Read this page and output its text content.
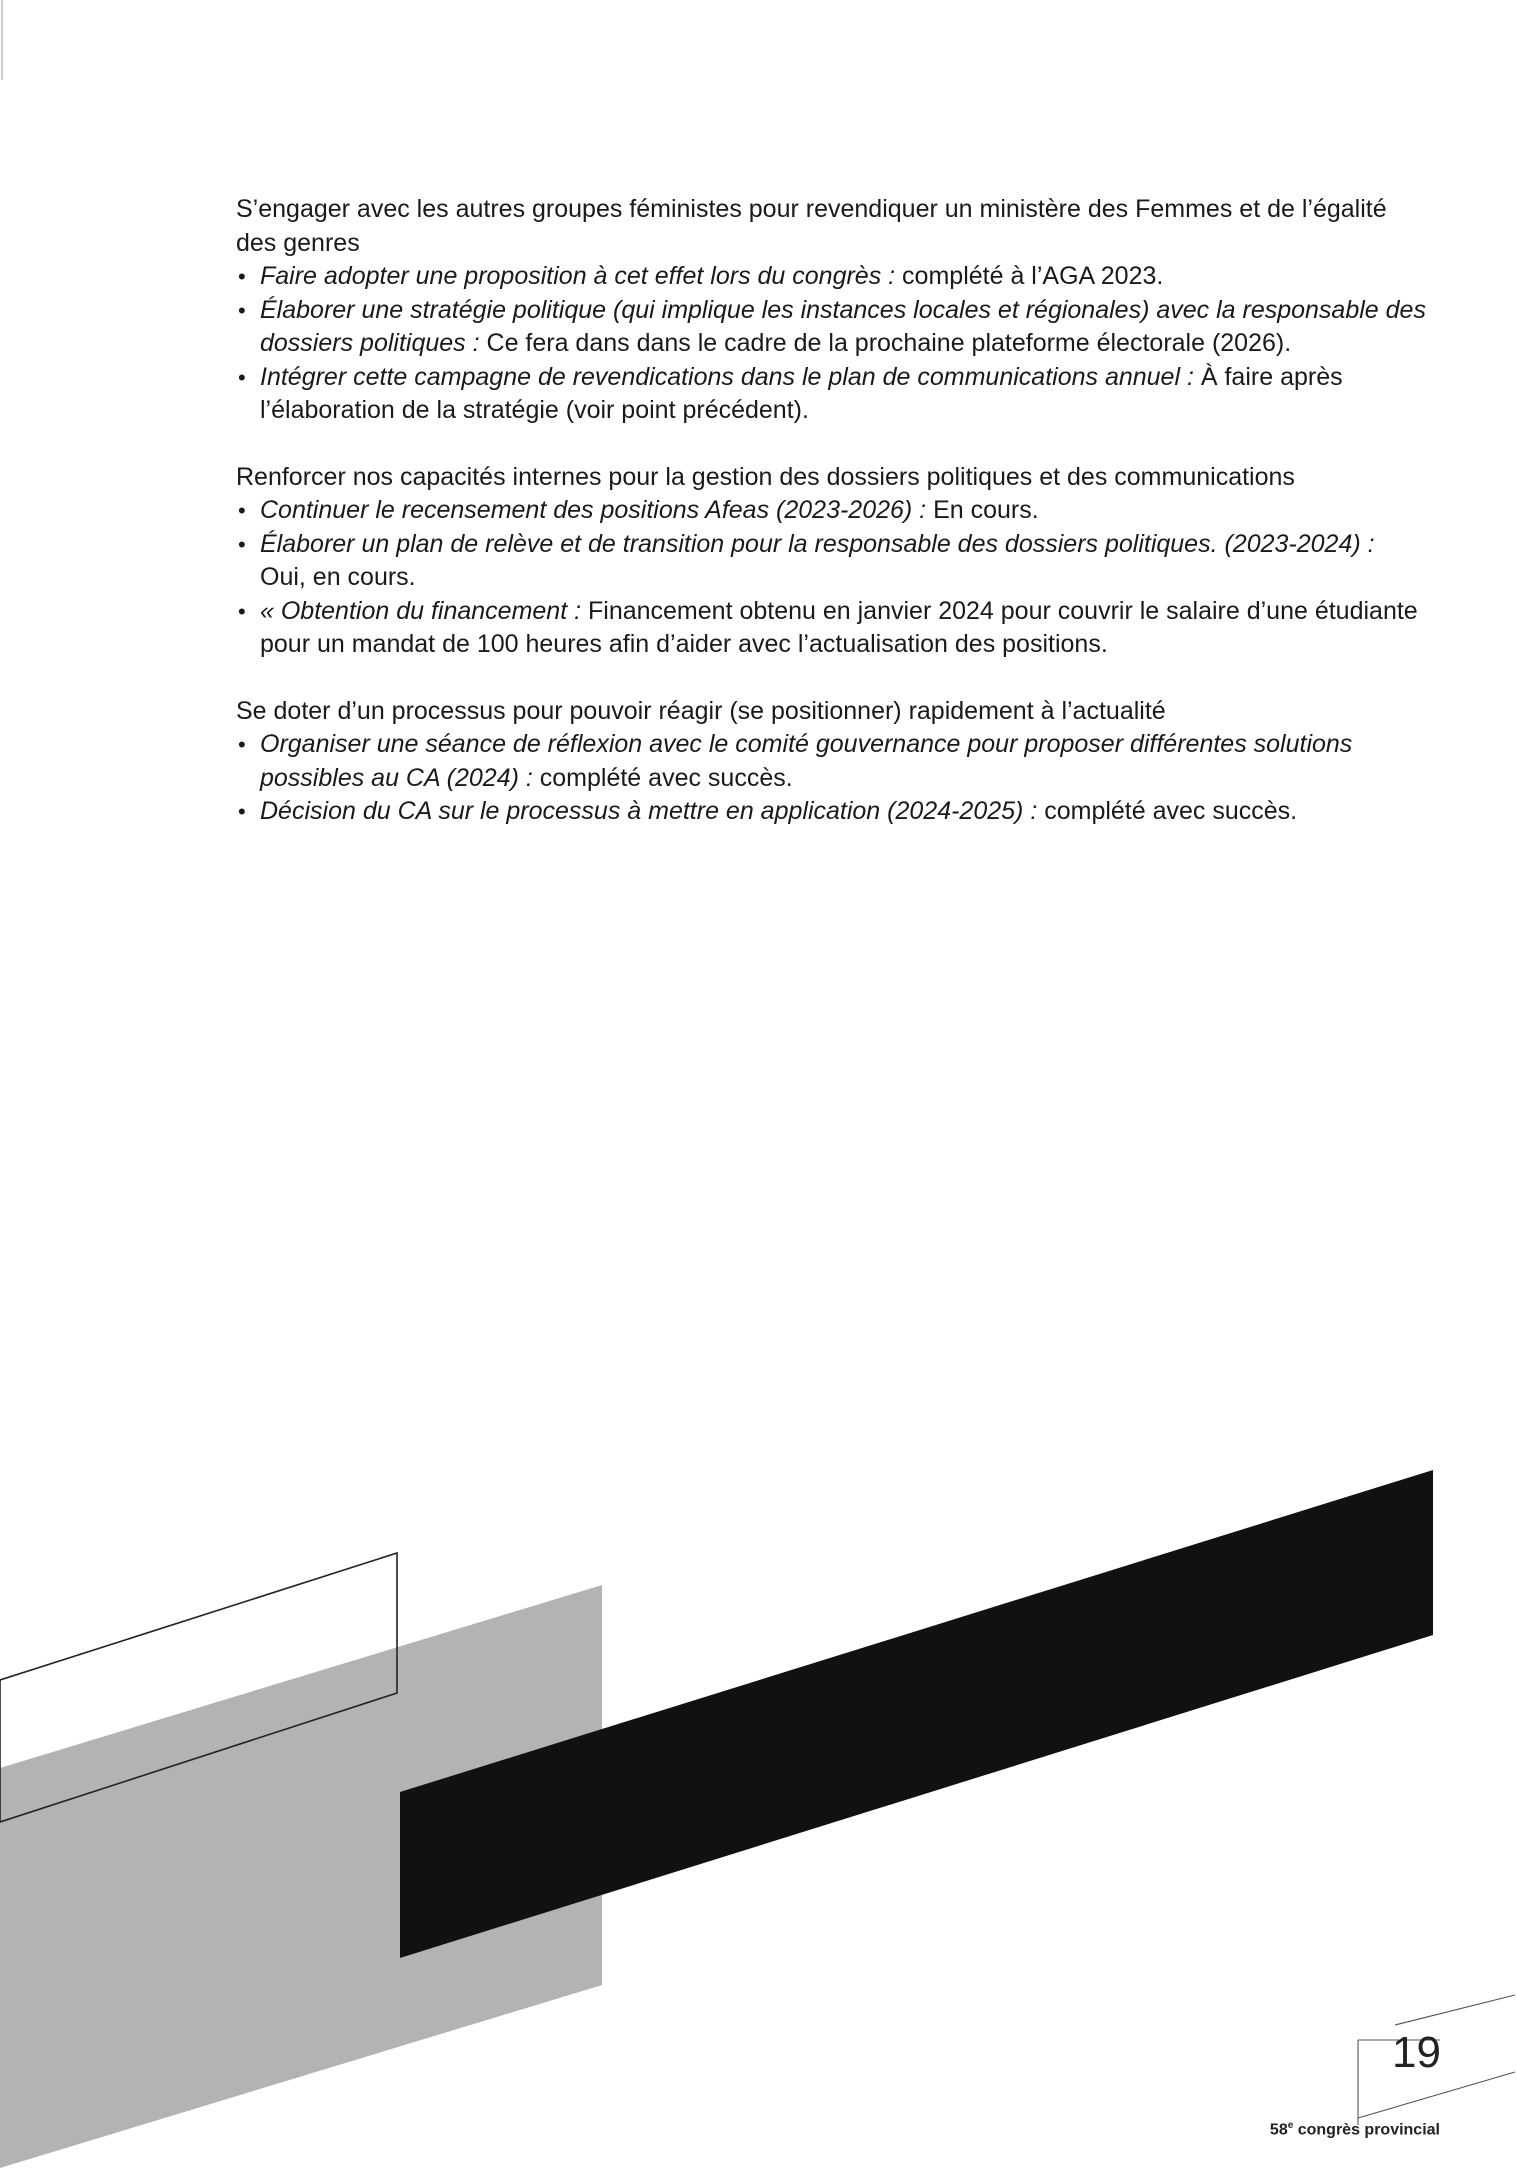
S’engager avec les autres groupes féministes pour revendiquer un ministère des Femmes et de l’égalité des genres

• Faire adopter une proposition à cet effet lors du congrès : complété à l’AGA 2023.
• Élaborer une stratégie politique (qui implique les instances locales et régionales) avec la responsable des dossiers politiques : Ce fera dans dans le cadre de la prochaine plateforme électorale (2026).
• Intégrer cette campagne de revendications dans le plan de communications annuel : À faire après l’élaboration de la stratégie (voir point précédent).

Renforcer nos capacités internes pour la gestion des dossiers politiques et des communications

• Continuer le recensement des positions Afeas (2023-2026) : En cours.
• Élaborer un plan de relève et de transition pour la responsable des dossiers politiques. (2023-2024) : Oui, en cours.
• « Obtention du financement : Financement obtenu en janvier 2024 pour couvrir le salaire d’une étudiante pour un mandat de 100 heures afin d’aider avec l’actualisation des positions.

Se doter d’un processus pour pouvoir réagir (se positionner) rapidement à l’actualité

• Organiser une séance de réflexion avec le comité gouvernance pour proposer différentes solutions possibles au CA (2024) : complété avec succès.
• Décision du CA sur le processus à mettre en application (2024-2025) : complété avec succès.
19
58e congrès provincial
